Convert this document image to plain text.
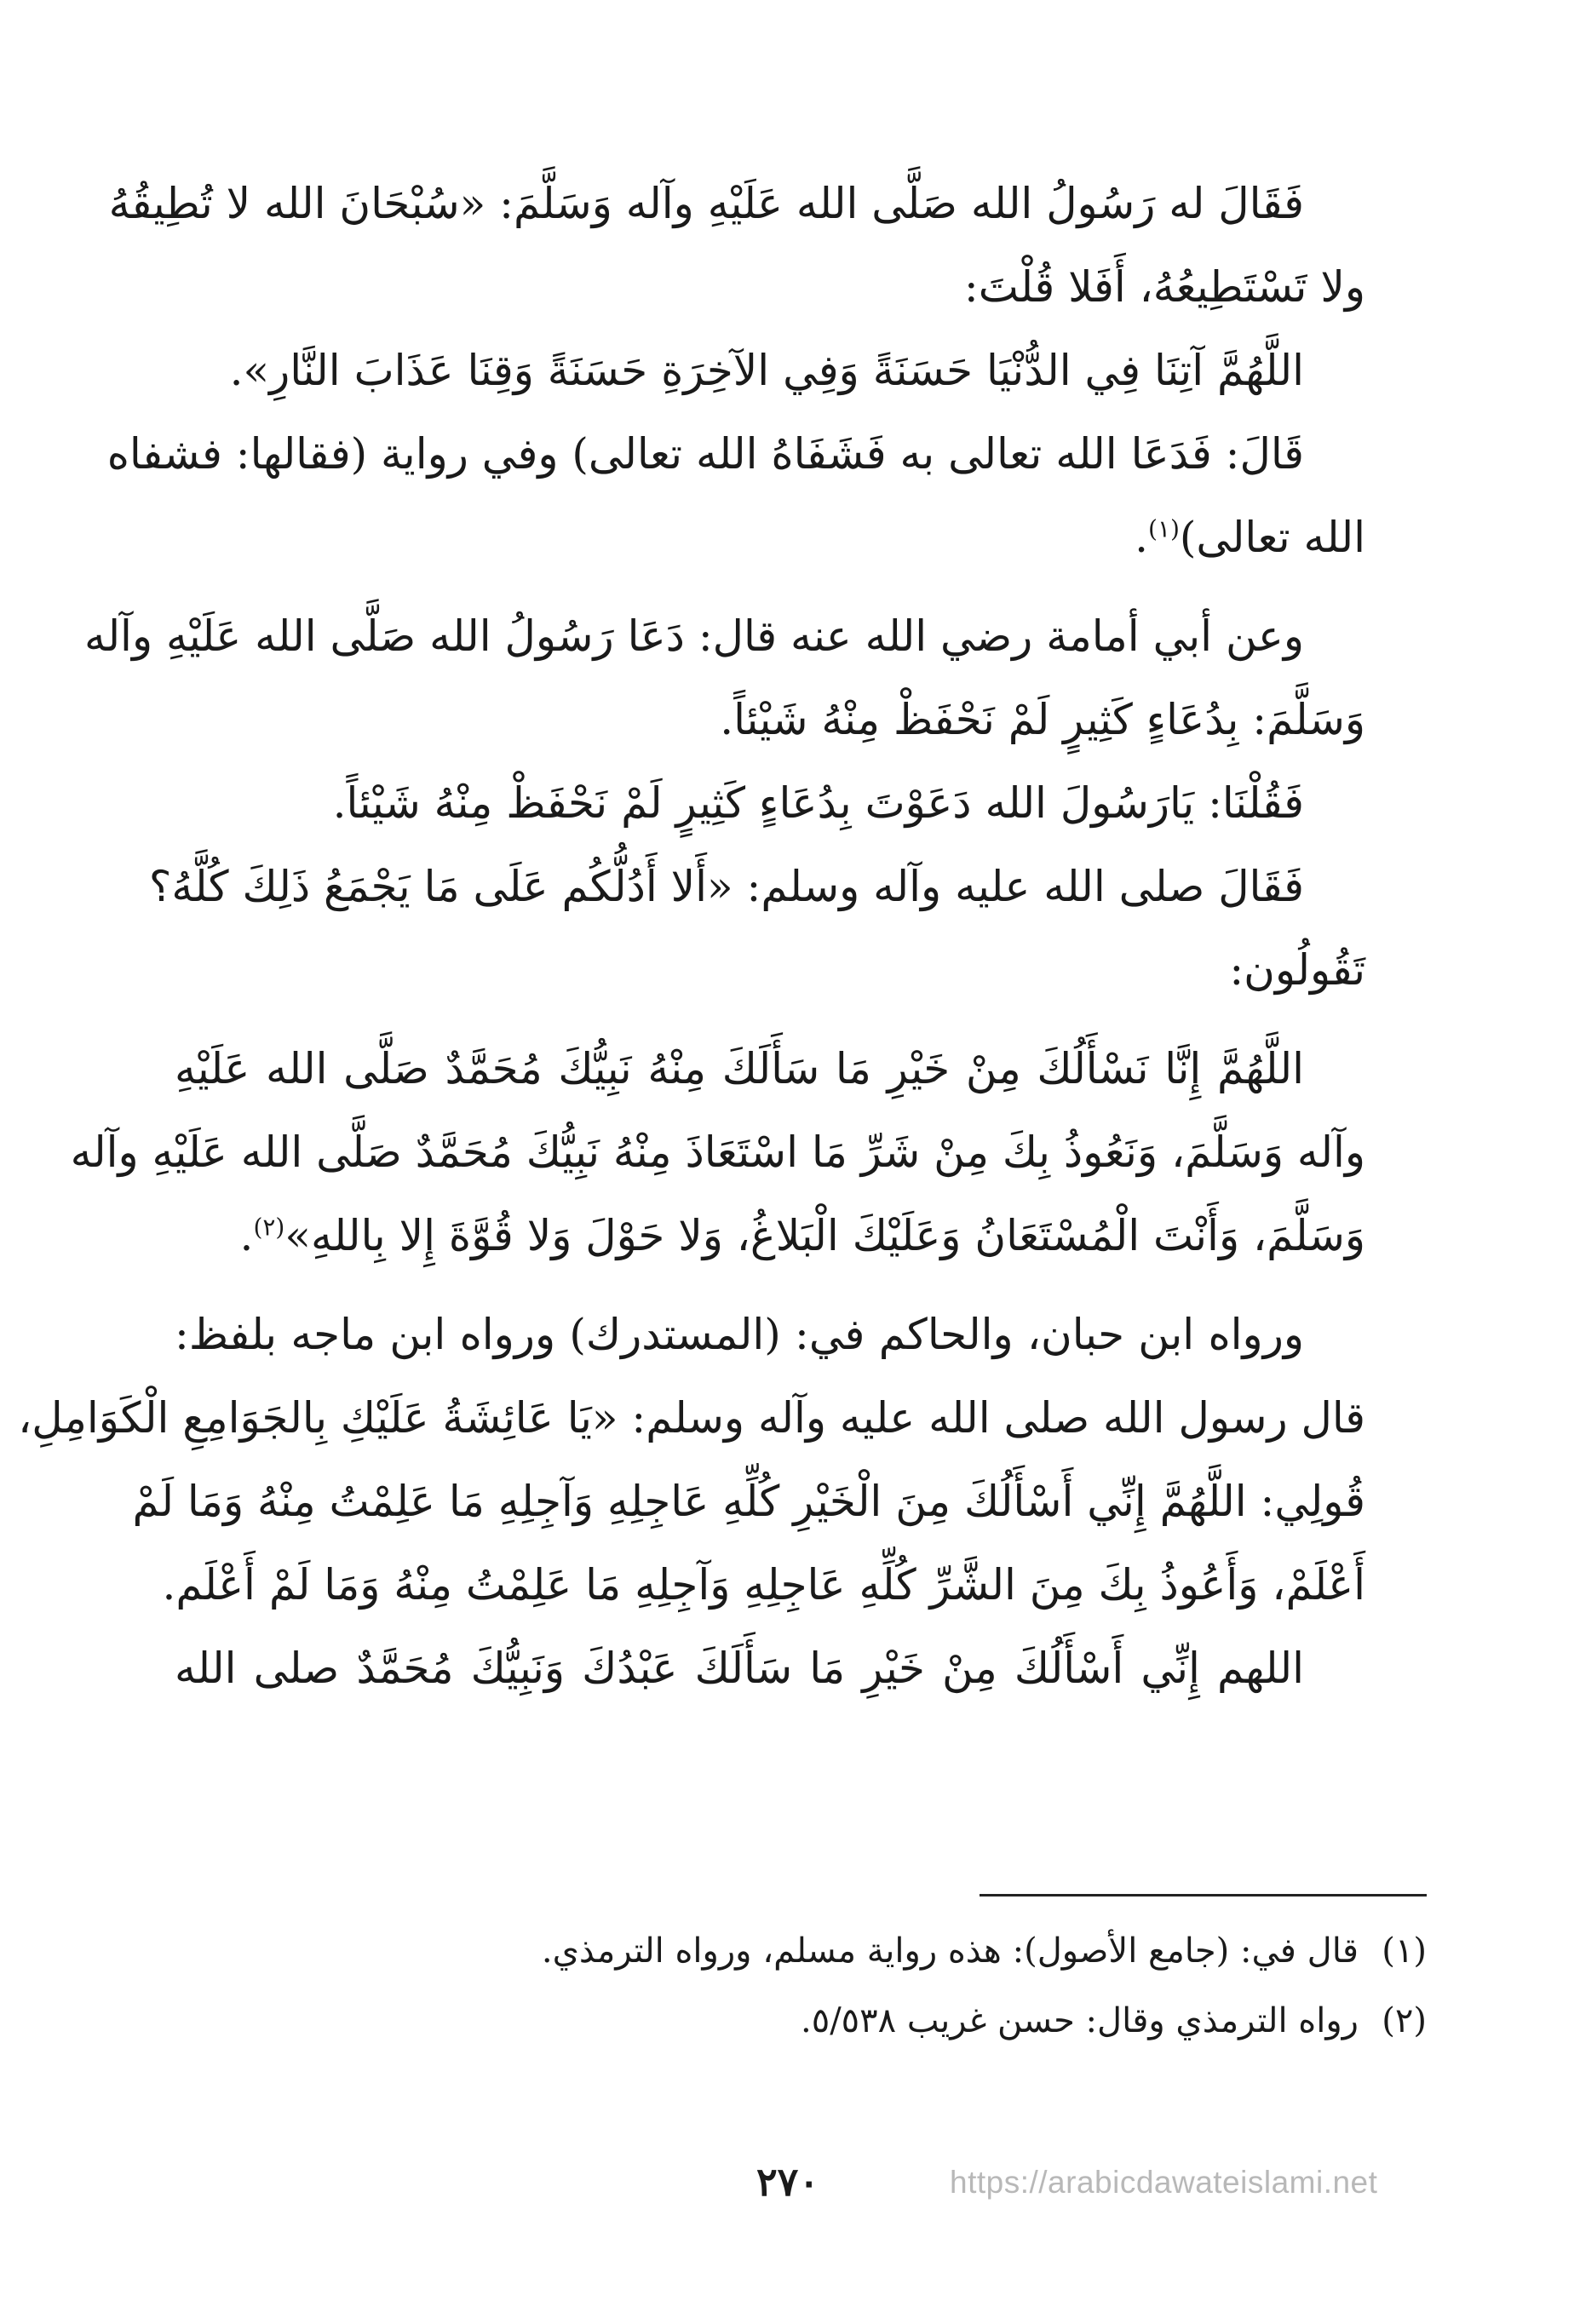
فَقَالَ له رَسُولُ الله صَلَّى الله عَلَيْهِ وآله وَسَلَّمَ: «سُبْحَانَ الله لا تُطِيقُهُ
ولا تَسْتَطِيعُهُ، أَفَلا قُلْتَ:
اللَّهُمَّ آتِنَا فِي الدُّنْيَا حَسَنَةً وَفِي الآخِرَةِ حَسَنَةً وَقِنَا عَذَابَ النَّارِ».
قَالَ: فَدَعَا الله تعالى به فَشَفَاهُ الله تعالى) وفي رواية (فقالها: فشفاه
الله تعالى)$^{(١)}$.
وعن أبي أمامة رضي الله عنه قال: دَعَا رَسُولُ الله صَلَّى الله عَلَيْهِ وآله
وَسَلَّمَ: بِدُعَاءٍ كَثِيرٍ لَمْ نَحْفَظْ مِنْهُ شَيْئاً.
فَقُلْنَا: يَارَسُولَ الله دَعَوْتَ بِدُعَاءٍ كَثِيرٍ لَمْ نَحْفَظْ مِنْهُ شَيْئاً.
فَقَالَ صلى الله عليه وآله وسلم: «أَلا أَدُلُّكُم عَلَى مَا يَجْمَعُ ذَلِكَ كُلَّهُ؟
تَقُولُون:
اللَّهُمَّ إِنَّا نَسْأَلُكَ مِنْ خَيْرِ مَا سَأَلَكَ مِنْهُ نَبِيُّكَ مُحَمَّدٌ صَلَّى الله عَلَيْهِ
وآله وَسَلَّمَ، وَنَعُوذُ بِكَ مِنْ شَرِّ مَا اسْتَعَاذَ مِنْهُ نَبِيُّكَ مُحَمَّدٌ صَلَّى الله عَلَيْهِ وآله
وَسَلَّمَ، وَأَنْتَ الْمُسْتَعَانُ وَعَلَيْكَ الْبَلاغُ، وَلا حَوْلَ وَلا قُوَّةَ إِلا بِاللهِ»$^{(٢)}$.
ورواه ابن حبان، والحاكم في: (المستدرك) ورواه ابن ماجه بلفظ:
قال رسول الله صلى الله عليه وآله وسلم: «يَا عَائِشَةُ عَلَيْكِ بِالجَوَامِعِ الْكَوَامِلِ،
قُولِي: اللَّهُمَّ إِنِّي أَسْأَلُكَ مِنَ الْخَيْرِ كُلِّهِ عَاجِلِهِ وَآجِلِهِ مَا عَلِمْتُ مِنْهُ وَمَا لَمْ
أَعْلَمْ، وَأَعُوذُ بِكَ مِنَ الشَّرِّ كُلِّهِ عَاجِلِهِ وَآجِلِهِ مَا عَلِمْتُ مِنْهُ وَمَا لَمْ أَعْلَم.
اللهم إِنِّي أَسْأَلُكَ مِنْ خَيْرِ مَا سَأَلَكَ عَبْدُكَ وَنَبِيُّكَ مُحَمَّدٌ صلى الله
(١)قال في: (جامع الأصول): هذه رواية مسلم، ورواه الترمذي.
(٢)رواه الترمذي وقال: حسن غريب ٥/٥٣٨.
٢٧٠	https://arabicdawateislami.net
